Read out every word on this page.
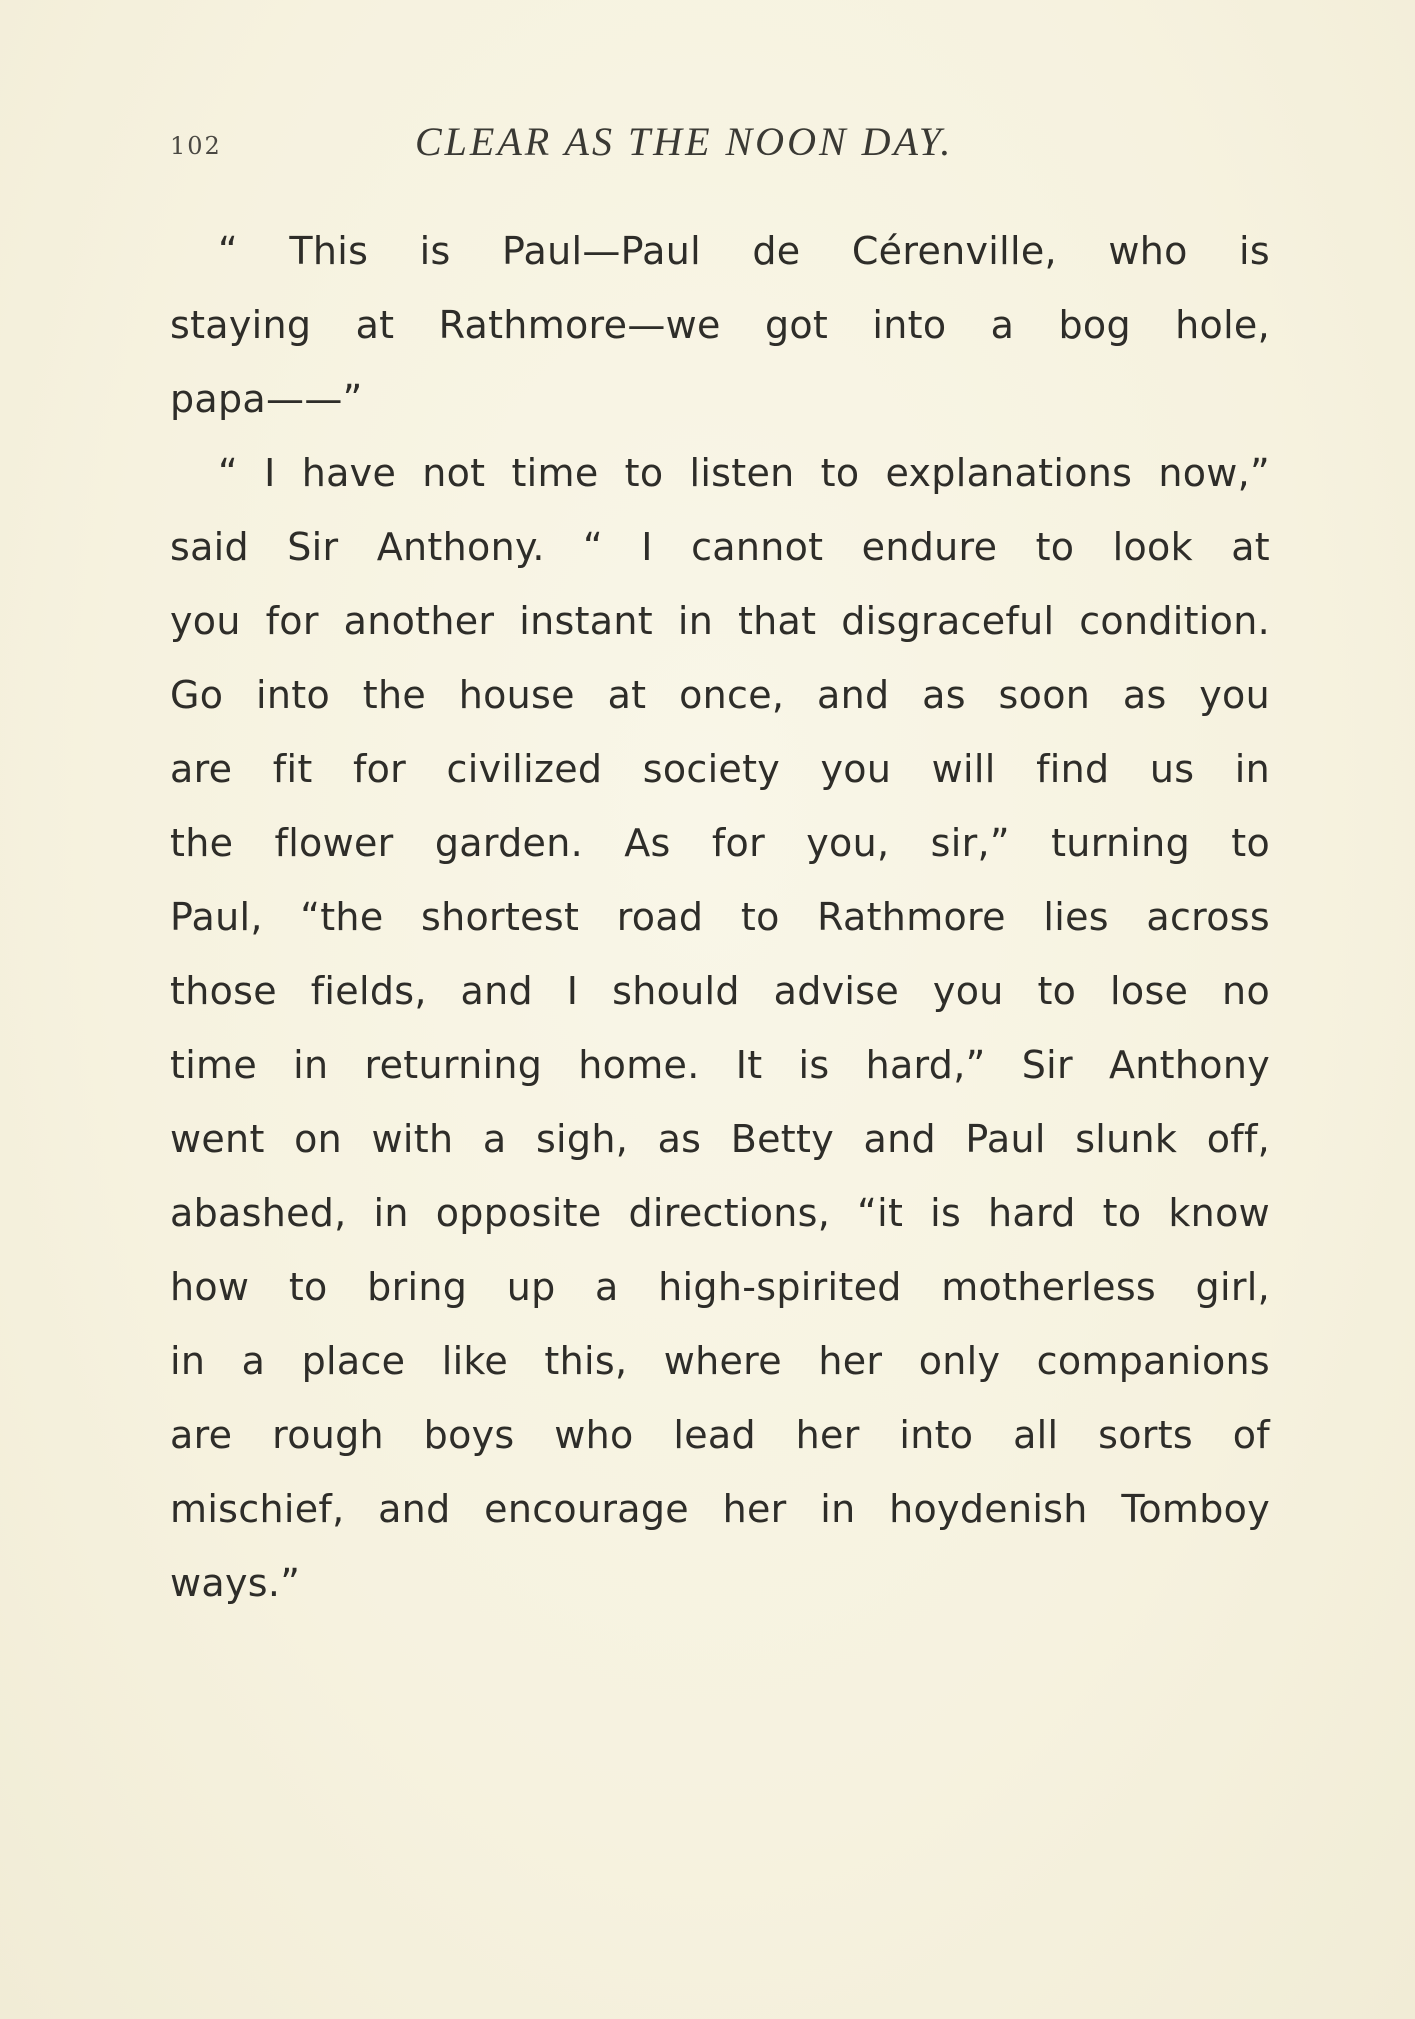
102	CLEAR AS THE NOON DAY.
“ This is Paul—Paul de Cérenville, who is
staying at Rathmore—we got into a bog hole,
papa——”
“ I have not time to listen to explanations now,”
said Sir Anthony. “ I cannot endure to look at
you for another instant in that disgraceful condition.
Go into the house at once, and as soon as you
are fit for civilized society you will find us in
the flower garden. As for you, sir,” turning to
Paul, “the shortest road to Rathmore lies across
those fields, and I should advise you to lose no
time in returning home. It is hard,” Sir Anthony
went on with a sigh, as Betty and Paul slunk off,
abashed, in opposite directions, “it is hard to know
how to bring up a high-spirited motherless girl,
in a place like this, where her only companions
are rough boys who lead her into all sorts of
mischief, and encourage her in hoydenish Tomboy
ways.”
